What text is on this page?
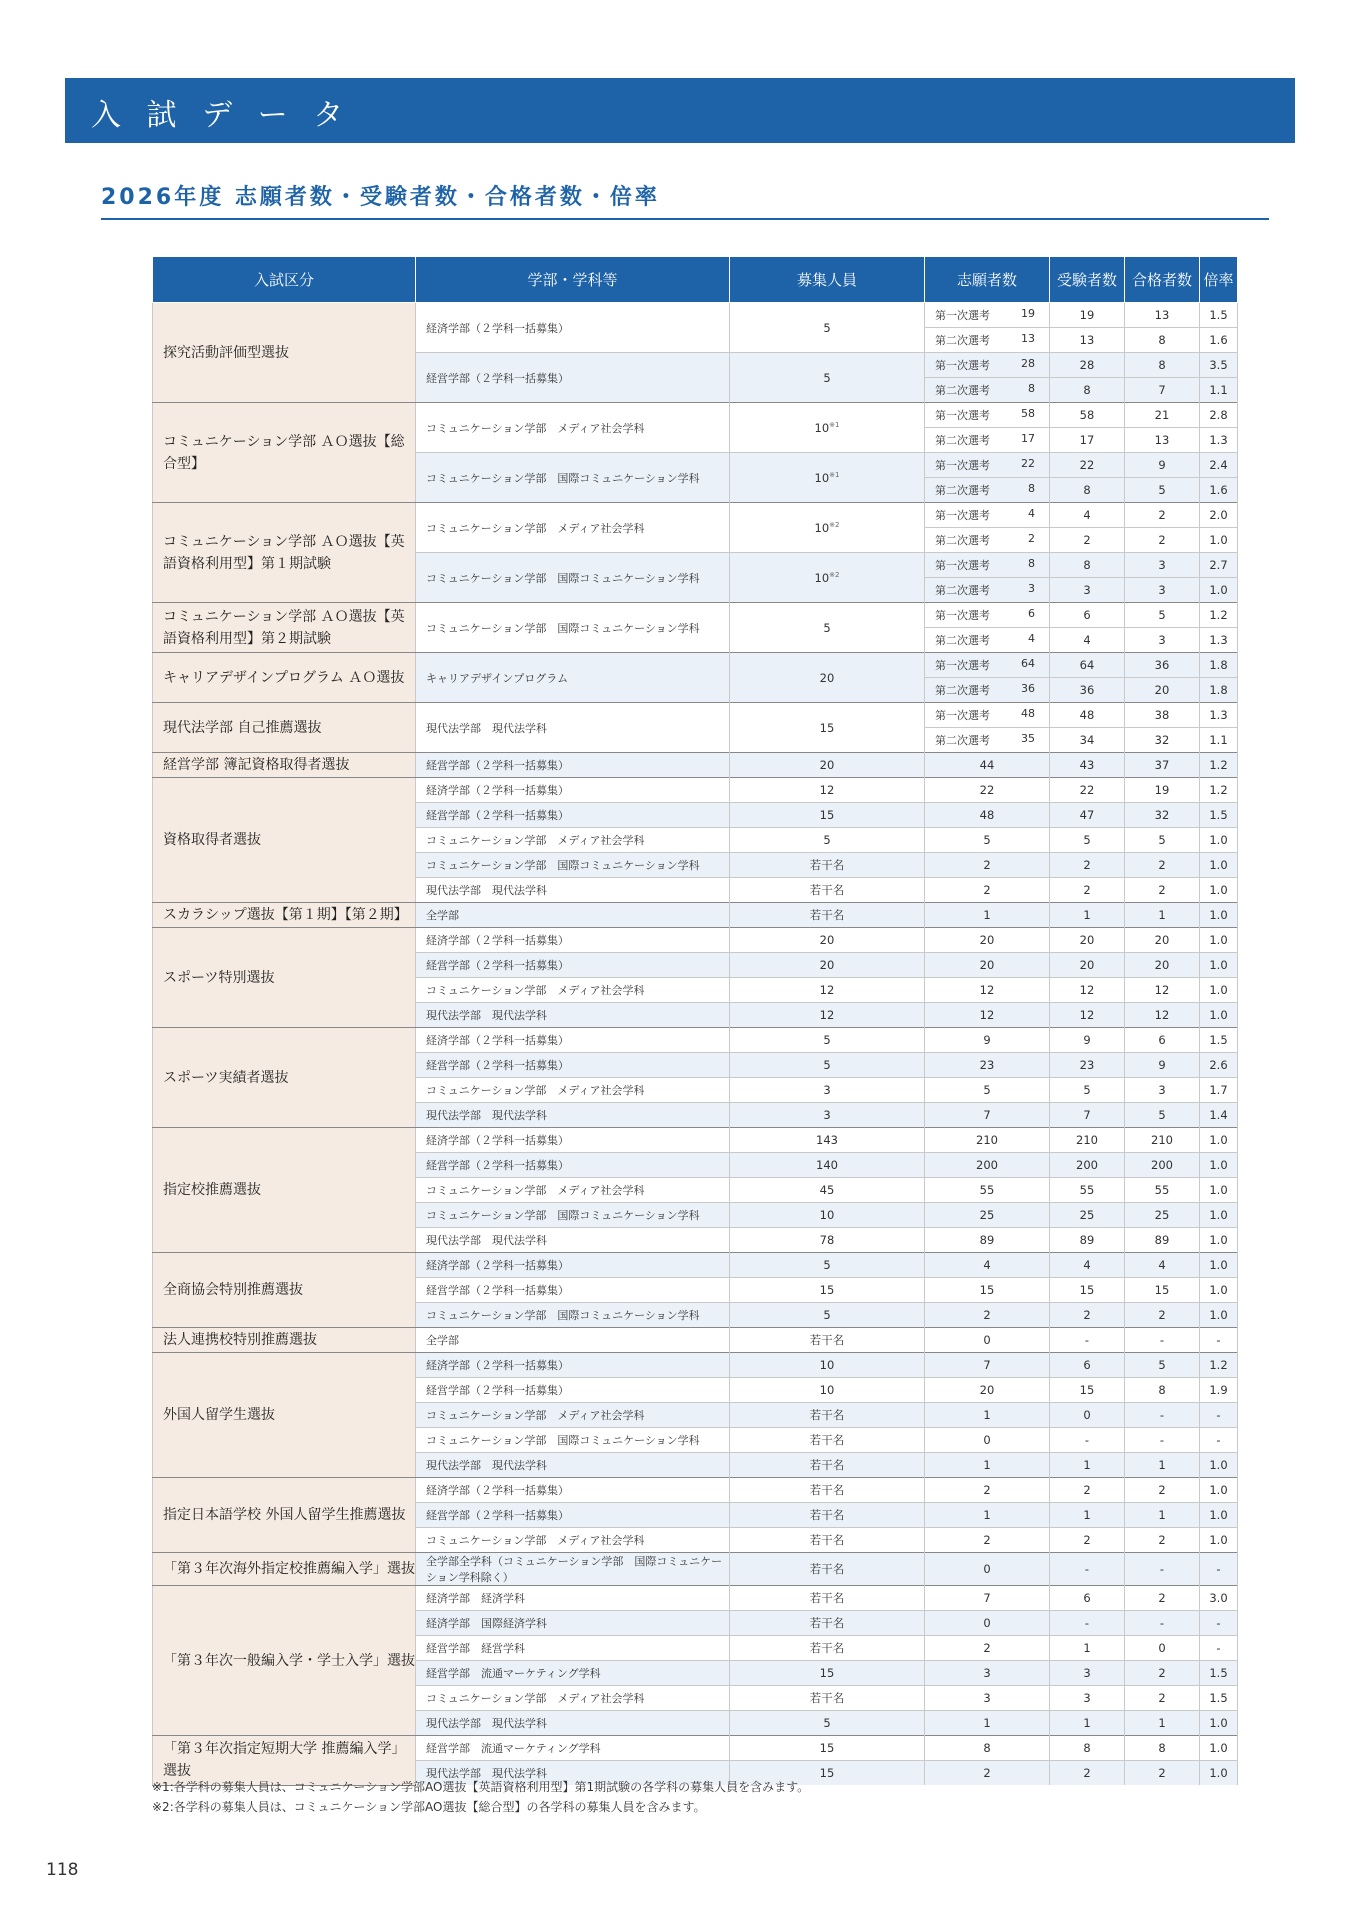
入 試 デ ー タ
2026年度 志願者数・受験者数・合格者数・倍率
入試区分	学部・学科等	募集人員	志願者数	受験者数	合格者数	倍率
探究活動評価型選抜	経済学部（２学科一括募集）	5	第一次選考 19	19	13	1.5

			第二次選考 13	13	8	1.6
	経営学部（２学科一括募集）	5	第一次選考 28	28	8	3.5

			第二次選考 8	8	7	1.1
コミュニケーション学部 ＡＯ選抜【総合型】	コミュニケーション学部　メディア社会学科	10$^{※1}$	第一次選考 58	58	21	2.8

			第二次選考 17	17	13	1.3
	コミュニケーション学部　国際コミュニケーション学科	10$^{※1}$	第一次選考 22	22	9	2.4

			第二次選考 8	8	5	1.6
コミュニケーション学部 ＡＯ選抜【英語資格利用型】第１期試験	コミュニケーション学部　メディア社会学科	10$^{※2}$	第一次選考 4	4	2	2.0

			第二次選考 2	2	2	1.0
	コミュニケーション学部　国際コミュニケーション学科	10$^{※2}$	第一次選考 8	8	3	2.7

			第二次選考 3	3	3	1.0
コミュニケーション学部 ＡＯ選抜【英語資格利用型】第２期試験	コミュニケーション学部　国際コミュニケーション学科	5	第一次選考 6	6	5	1.2

			第二次選考 4	4	3	1.3
キャリアデザインプログラム ＡＯ選抜	キャリアデザインプログラム	20	第一次選考 64	64	36	1.8

			第二次選考 36	36	20	1.8
現代法学部 自己推薦選抜	現代法学部　現代法学科	15	第一次選考 48	48	38	1.3

			第二次選考 35	34	32	1.1
経営学部 簿記資格取得者選抜	経営学部（２学科一括募集）	20	44	43	37	1.2
資格取得者選抜	経済学部（２学科一括募集）	12	22	22	19	1.2
	経営学部（２学科一括募集）	15	48	47	32	1.5
	コミュニケーション学部　メディア社会学科	5	5	5	5	1.0
	コミュニケーション学部　国際コミュニケーション学科	若干名	2	2	2	1.0
	現代法学部　現代法学科	若干名	2	2	2	1.0
スカラシップ選抜【第１期】【第２期】	全学部	若干名	1	1	1	1.0
スポーツ特別選抜	経済学部（２学科一括募集）	20	20	20	20	1.0
	経営学部（２学科一括募集）	20	20	20	20	1.0
	コミュニケーション学部　メディア社会学科	12	12	12	12	1.0
	現代法学部　現代法学科	12	12	12	12	1.0
スポーツ実績者選抜	経済学部（２学科一括募集）	5	9	9	6	1.5
	経営学部（２学科一括募集）	5	23	23	9	2.6
	コミュニケーション学部　メディア社会学科	3	5	5	3	1.7
	現代法学部　現代法学科	3	7	7	5	1.4
指定校推薦選抜	経済学部（２学科一括募集）	143	210	210	210	1.0
	経営学部（２学科一括募集）	140	200	200	200	1.0
	コミュニケーション学部　メディア社会学科	45	55	55	55	1.0
	コミュニケーション学部　国際コミュニケーション学科	10	25	25	25	1.0
	現代法学部　現代法学科	78	89	89	89	1.0
全商協会特別推薦選抜	経済学部（２学科一括募集）	5	4	4	4	1.0
	経営学部（２学科一括募集）	15	15	15	15	1.0
	コミュニケーション学部　国際コミュニケーション学科	5	2	2	2	1.0
法人連携校特別推薦選抜	全学部	若干名	0	-	-	-
外国人留学生選抜	経済学部（２学科一括募集）	10	7	6	5	1.2
	経営学部（２学科一括募集）	10	20	15	8	1.9
	コミュニケーション学部　メディア社会学科	若干名	1	0	-	-
	コミュニケーション学部　国際コミュニケーション学科	若干名	0	-	-	-
	現代法学部　現代法学科	若干名	1	1	1	1.0
指定日本語学校 外国人留学生推薦選抜	経済学部（２学科一括募集）	若干名	2	2	2	1.0
	経営学部（２学科一括募集）	若干名	1	1	1	1.0
	コミュニケーション学部　メディア社会学科	若干名	2	2	2	1.0
「第３年次海外指定校推薦編入学」選抜	全学部全学科（コミュニケーション学部　国際コミュニケーション学科除く）	若干名	0	-	-	-
「第３年次一般編入学・学士入学」選抜	経済学部　経済学科	若干名	7	6	2	3.0
	経済学部　国際経済学科	若干名	0	-	-	-
	経営学部　経営学科	若干名	2	1	0	-
	経営学部　流通マーケティング学科	15	3	3	2	1.5
	コミュニケーション学部　メディア社会学科	若干名	3	3	2	1.5
	現代法学部　現代法学科	5	1	1	1	1.0
「第３年次指定短期大学 推薦編入学」選抜	経営学部　流通マーケティング学科	15	8	8	8	1.0
	現代法学部　現代法学科	15	2	2	2	1.0
※1:各学科の募集人員は、コミュニケーション学部AO選抜【英語資格利用型】第1期試験の各学科の募集人員を含みます。
※2:各学科の募集人員は、コミュニケーション学部AO選抜【総合型】の各学科の募集人員を含みます。
118
